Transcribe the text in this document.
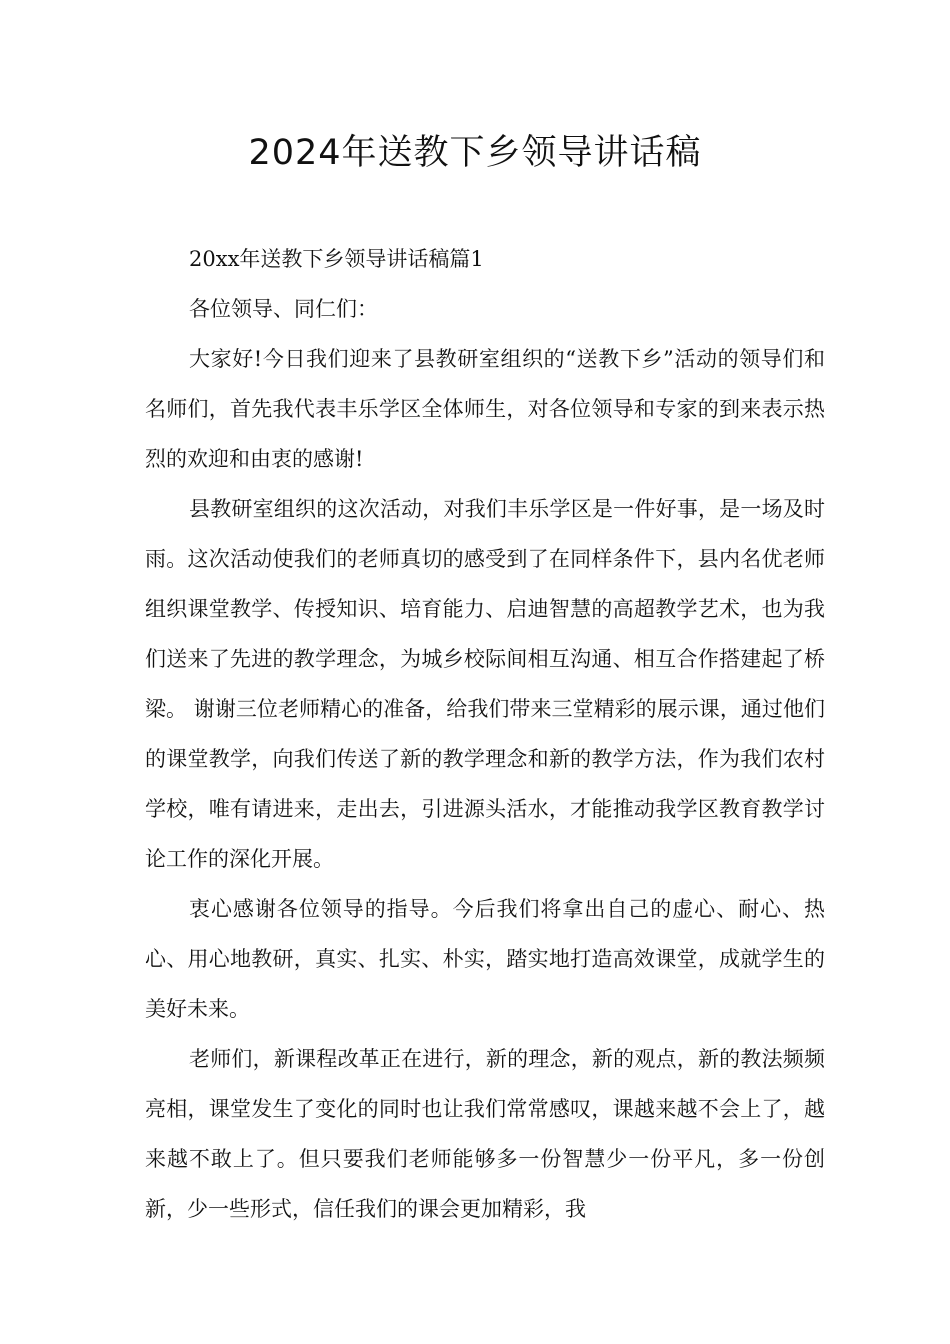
2024年送教下乡领导讲话稿

20xx年送教下乡领导讲话稿篇1

各位领导、同仁们：

大家好!今日我们迎来了县教研室组织的“送教下乡”活动的领导们和名师们，首先我代表丰乐学区全体师生，对各位领导和专家的到来表示热烈的欢迎和由衷的感谢!

县教研室组织的这次活动，对我们丰乐学区是一件好事，是一场及时雨。这次活动使我们的老师真切的感受到了在同样条件下，县内名优老师组织课堂教学、传授知识、培育能力、启迪智慧的高超教学艺术，也为我们送来了先进的教学理念，为城乡校际间相互沟通、相互合作搭建起了桥梁。 谢谢三位老师精心的准备，给我们带来三堂精彩的展示课，通过他们的课堂教学，向我们传送了新的教学理念和新的教学方法，作为我们农村学校，唯有请进来，走出去，引进源头活水，才能推动我学区教育教学讨论工作的深化开展。

衷心感谢各位领导的指导。今后我们将拿出自己的虚心、耐心、热心、用心地教研，真实、扎实、朴实，踏实地打造高效课堂，成就学生的美好未来。

老师们，新课程改革正在进行，新的理念，新的观点，新的教法频频亮相，课堂发生了变化的同时也让我们常常感叹，课越来越不会上了，越来越不敢上了。但只要我们老师能够多一份智慧少一份平凡，多一份创新，少一些形式，信任我们的课会更加精彩，我
